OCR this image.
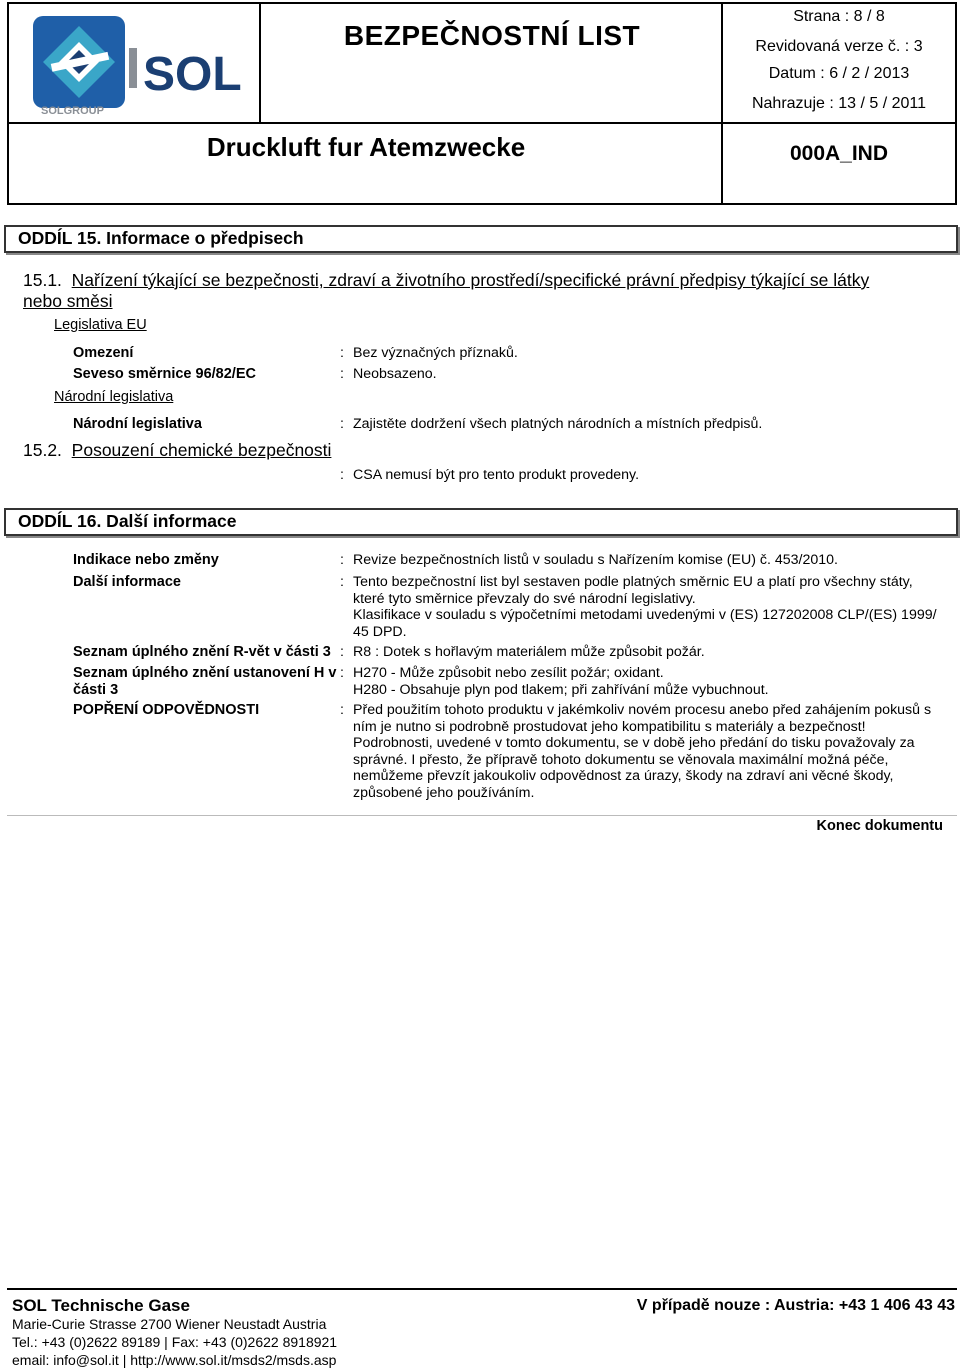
SOL
SOLGROUP
BEZPEČNOSTNÍ LIST
Strana : 8 / 8
Revidovaná verze č. : 3
Datum : 6 / 2 / 2013
Nahrazuje : 13 / 5 / 2011
Druckluft fur Atemzwecke	000A_IND
ODDÍL 15. Informace o předpisech
15.1. Nařízení týkající se bezpečnosti, zdraví a životního prostředí/specifické právní předpisy týkající se látky
nebo směsi
Legislativa EU
Omezení	: Bez význačných příznaků.
Seveso směrnice 96/82/EC	: Neobsazeno.
Národní legislativa
Národní legislativa	: Zajistěte dodržení všech platných národních a místních předpisů.
15.2. Posouzení chemické bezpečnosti
: CSA nemusí být pro tento produkt provedeny.
ODDÍL 16. Další informace
Indikace nebo změny	: Revize bezpečnostních listů v souladu s Nařízením komise (EU) č. 453/2010.
Další informace	: Tento bezpečnostní list byl sestaven podle platných směrnic EU a platí pro všechny státy,
které tyto směrnice převzaly do své národní legislativy.
Klasifikace v souladu s výpočetními metodami uvedenými v (ES) 127202008 CLP/(ES) 1999/
45 DPD.
Seznam úplného znění R-vět v části 3 : R8 : Dotek s hořlavým materiálem může způsobit požár.
Seznam úplného znění ustanovení H v
části 3
: H270 - Může způsobit nebo zesílit požár; oxidant.
H280 - Obsahuje plyn pod tlakem; při zahřívání může vybuchnout.
POPŘENÍ ODPOVĚDNOSTI	: Před použitím tohoto produktu v jakémkoliv novém procesu anebo před zahájením pokusů s
ním je nutno si podrobně prostudovat jeho kompatibilitu s materiály a bezpečnost!
Podrobnosti, uvedené v tomto dokumentu, se v době jeho předání do tisku považovaly za
správné. I přesto, že přípravě tohoto dokumentu se věnovala maximální možná péče,
nemůžeme převzít jakoukoliv odpovědnost za úrazy, škody na zdraví ani věcné škody,
způsobené jeho používáním.
Konec dokumentu
SOL Technische Gase	V případě nouze : Austria: +43 1 406 43 43
Marie-Curie Strasse 2700 Wiener Neustadt Austria
Tel.: +43 (0)2622 89189 | Fax: +43 (0)2622 8918921
email: info@sol.it | http://www.sol.it/msds2/msds.asp
